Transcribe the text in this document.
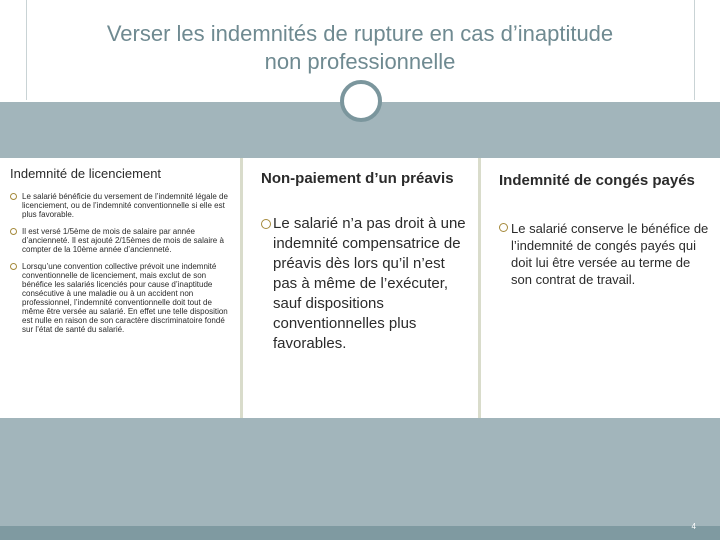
Verser les indemnités de rupture en cas d’inaptitude
non professionnelle
Indemnité de licenciement
Le salarié bénéficie du versement de l’indemnité légale de licenciement, ou de l’indemnité conventionnelle si elle est plus favorable.
Il est versé 1/5ème de mois de salaire par année d’ancienneté. Il est ajouté 2/15èmes de mois de salaire à compter de la 10ème année d’ancienneté.
Lorsqu’une convention collective prévoit une indemnité conventionnelle de licenciement, mais exclut de son bénéfice les salariés licenciés pour cause d’inaptitude consécutive à une maladie ou à un accident non professionnel, l’indemnité conventionnelle doit tout de même être versée au salarié. En effet une telle disposition est nulle en raison de son caractère discriminatoire fondé sur l’état de santé du salarié.
Non-paiement d’un préavis
Le salarié n’a pas droit à une indemnité compensatrice de préavis dès lors qu’il n’est pas à même de l’exécuter, sauf dispositions conventionnelles plus favorables.
Indemnité de congés payés
Le salarié conserve le bénéfice de l’indemnité de congés payés qui doit lui être versée au terme de son contrat de travail.
4
